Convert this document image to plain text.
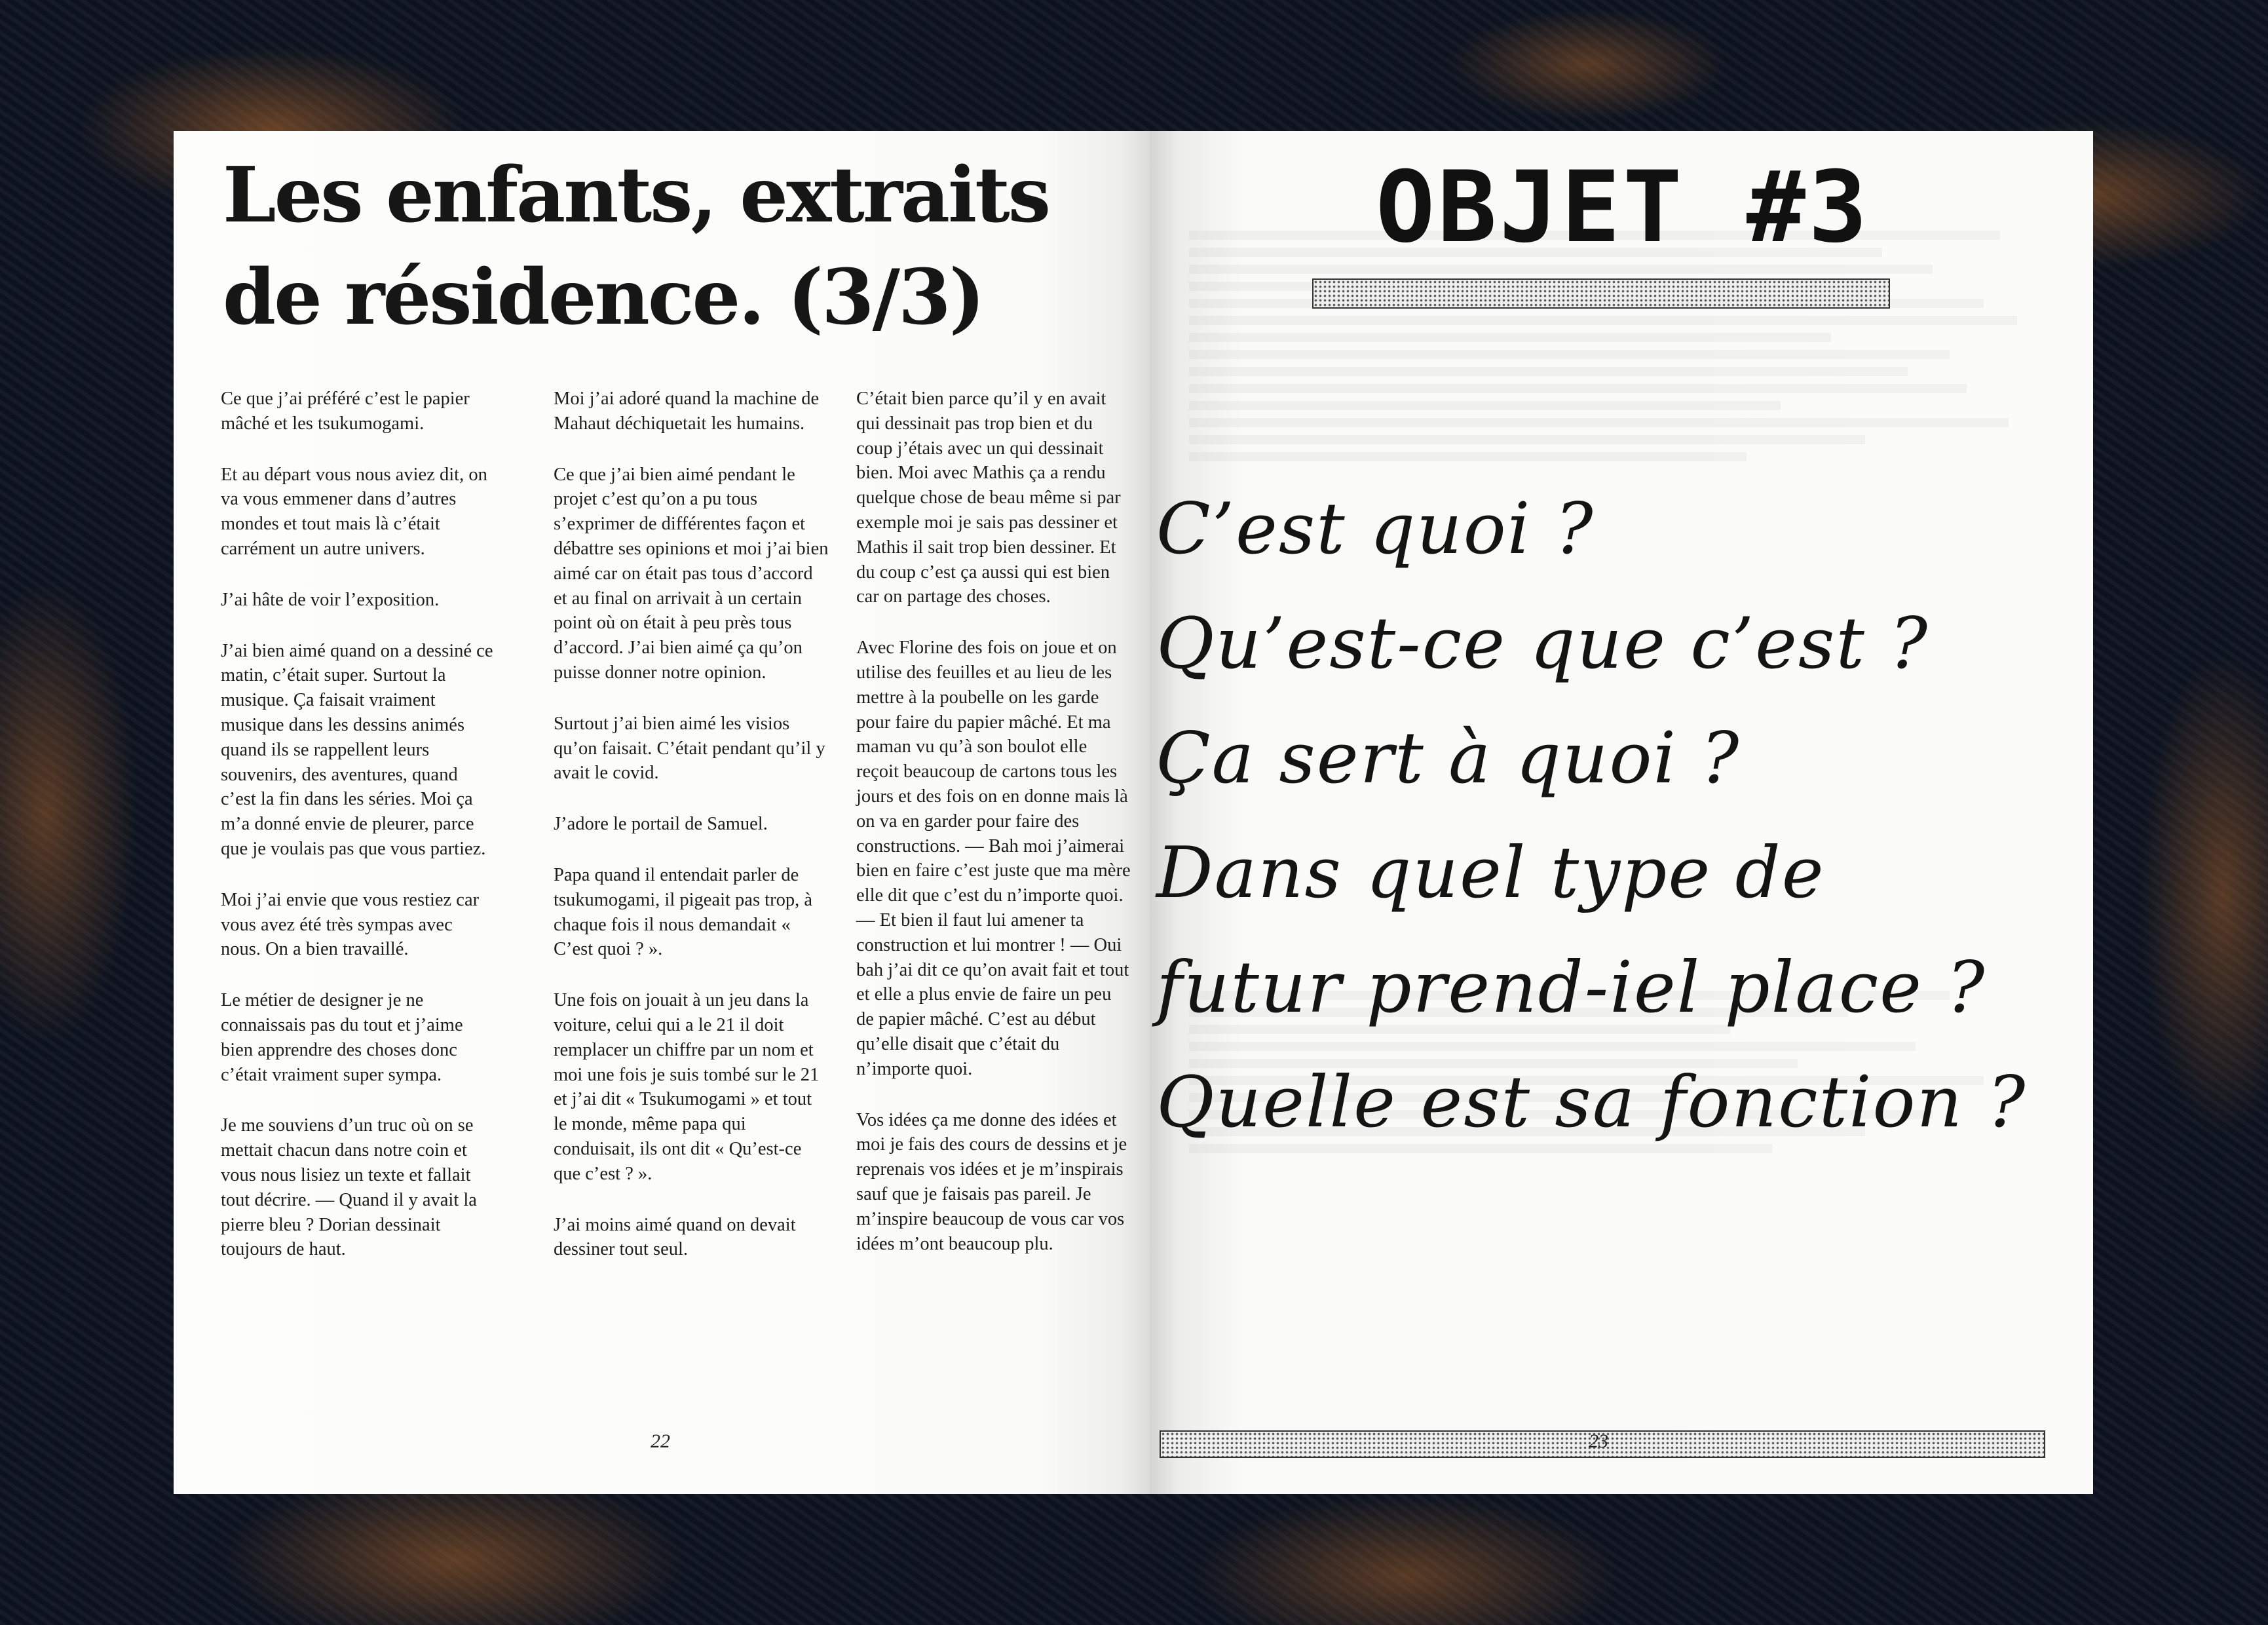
Les enfants, extraits
de résidence. (3/3)

Ce que j’ai préféré c’est le papier mâché et les tsukumogami.

Et au départ vous nous aviez dit, on va vous emmener dans d’autres mondes et tout mais là c’était carrément un autre univers.

J’ai hâte de voir l’exposition.

J’ai bien aimé quand on a dessiné ce matin, c’était super. Surtout la musique. Ça faisait vraiment musique dans les dessins animés quand ils se rappellent leurs souvenirs, des aventures, quand c’est la fin dans les séries. Moi ça m’a donné envie de pleurer, parce que je voulais pas que vous partiez.

Moi j’ai envie que vous restiez car vous avez été très sympas avec nous. On a bien travaillé.

Le métier de designer je ne connaissais pas du tout et j’aime bien apprendre des choses donc c’était vraiment super sympa.

Je me souviens d’un truc où on se mettait chacun dans notre coin et vous nous lisiez un texte et fallait tout décrire. — Quand il y avait la pierre bleu ? Dorian dessinait toujours de haut.

Moi j’ai adoré quand la machine de Mahaut déchiquetait les humains.

Ce que j’ai bien aimé pendant le projet c’est qu’on a pu tous s’exprimer de différentes façon et débattre ses opinions et moi j’ai bien aimé car on était pas tous d’accord et au final on arrivait à un certain point où on était à peu près tous d’accord. J’ai bien aimé ça qu’on puisse donner notre opinion.

Surtout j’ai bien aimé les visios qu’on faisait. C’était pendant qu’il y avait le covid.

J’adore le portail de Samuel.

Papa quand il entendait parler de tsukumogami, il pigeait pas trop, à chaque fois il nous demandait « C’est quoi ? ».

Une fois on jouait à un jeu dans la voiture, celui qui a le 21 il doit remplacer un chiffre par un nom et moi une fois je suis tombé sur le 21 et j’ai dit « Tsukumogami » et tout le monde, même papa qui conduisait, ils ont dit « Qu’est-ce que c’est ? ».

J’ai moins aimé quand on devait dessiner tout seul.

C’était bien parce qu’il y en avait qui dessinait pas trop bien et du coup j’étais avec un qui dessinait bien. Moi avec Mathis ça a rendu quelque chose de beau même si par exemple moi je sais pas dessiner et Mathis il sait trop bien dessiner. Et du coup c’est ça aussi qui est bien car on partage des choses.

Avec Florine des fois on joue et on utilise des feuilles et au lieu de les mettre à la poubelle on les garde pour faire du papier mâché. Et ma maman vu qu’à son boulot elle reçoit beaucoup de cartons tous les jours et des fois on en donne mais là on va en garder pour faire des constructions. — Bah moi j’aimerai bien en faire c’est juste que ma mère elle dit que c’est du n’importe quoi. — Et bien il faut lui amener ta construction et lui montrer ! — Oui bah j’ai dit ce qu’on avait fait et tout et elle a plus envie de faire un peu de papier mâché. C’est au début qu’elle disait que c’était du n’importe quoi.

Vos idées ça me donne des idées et moi je fais des cours de dessins et je reprenais vos idées et je m’inspirais sauf que je faisais pas pareil. Je m’inspire beaucoup de vous car vos idées m’ont beaucoup plu.

22
OBJET #3
C’est quoi ?
Qu’est-ce que c’est ?
Ça sert à quoi ?
Dans quel type de
futur prend-iel place ?
Quelle est sa fonction ?
23
